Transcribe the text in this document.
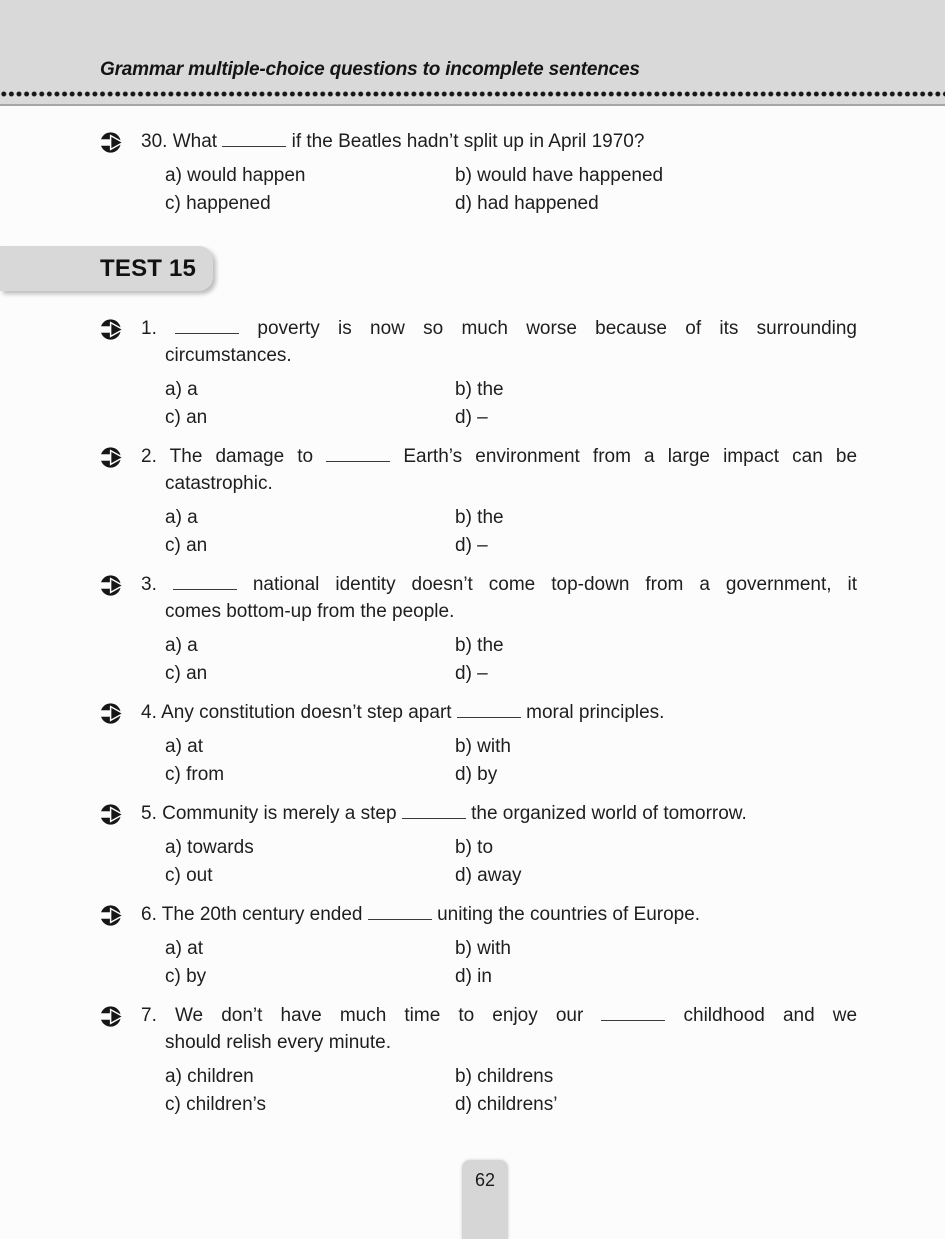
Grammar multiple-choice questions to incomplete sentences

30. What	if the Beatles hadn’t split up in April 1970?

a) would happen	b) would have happened
c) happened	d) had happened
TEST 15

1.	poverty is now so much worse because of its surrounding

circumstances.

a) a	b) the
c) an	d) –

2. The damage to	Earth’s environment from a large impact can be

catastrophic.

a) a	b) the
c) an	d) –

3.	national identity doesn’t come top-down from a government, it

comes bottom-up from the people.

a) a	b) the
c) an	d) –

4. Any constitution doesn’t step apart	moral principles.

a) at	b) with
c) from	d) by

5. Community is merely a step	the organized world of tomorrow.

a) towards	b) to
c) out	d) away

6. The 20th century ended	uniting the countries of Europe.

a) at	b) with
c) by	d) in

7. We don’t have much time to enjoy our	childhood and we

should relish every minute.

a) children	b) childrens
c) children’s	d) childrens’
62
